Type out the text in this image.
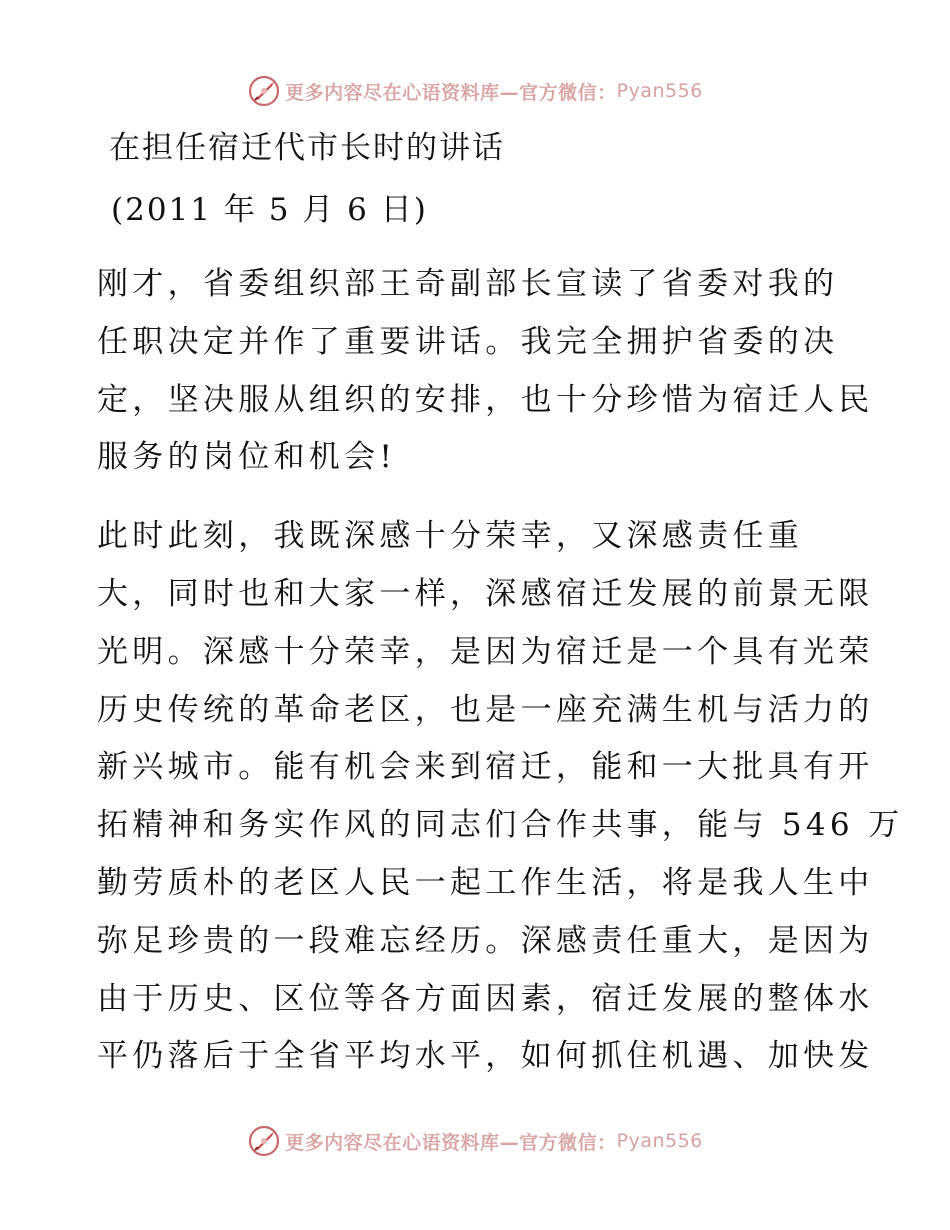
更多内容尽在心语资料库—官方微信： Pyan556
在担任宿迁代市长时的讲话
(2011 年 5 月 6 日)
刚才，省委组织部王奇副部长宣读了省委对我的
任职决定并作了重要讲话。我完全拥护省委的决
定，坚决服从组织的安排，也十分珍惜为宿迁人民
服务的岗位和机会!
此时此刻，我既深感十分荣幸，又深感责任重
大，同时也和大家一样，深感宿迁发展的前景无限
光明。深感十分荣幸，是因为宿迁是一个具有光荣
历史传统的革命老区，也是一座充满生机与活力的
新兴城市。能有机会来到宿迁，能和一大批具有开
拓精神和务实作风的同志们合作共事，能与 546 万
勤劳质朴的老区人民一起工作生活，将是我人生中
弥足珍贵的一段难忘经历。深感责任重大，是因为
由于历史、区位等各方面因素，宿迁发展的整体水
平仍落后于全省平均水平，如何抓住机遇、加快发
更多内容尽在心语资料库—官方微信： Pyan556
